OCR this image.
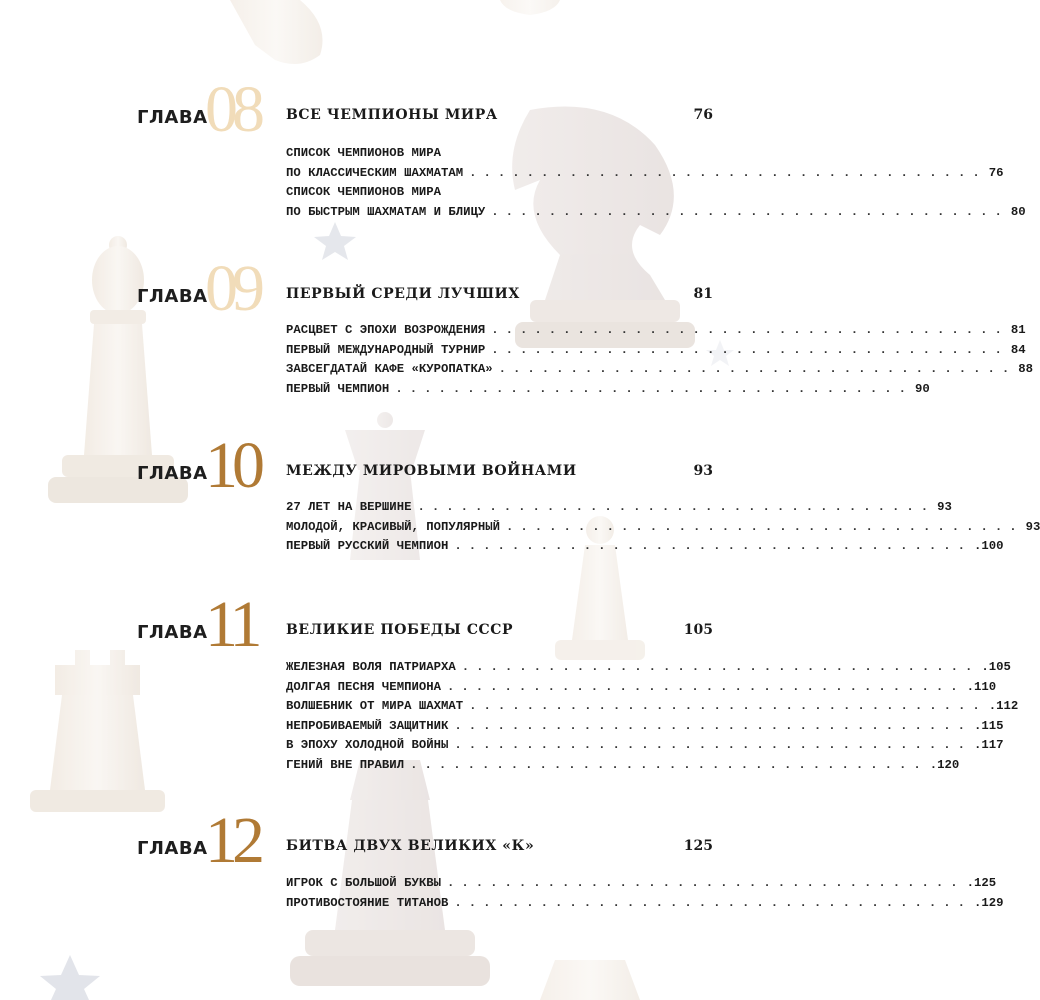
ГЛАВА
08 ВСЕ ЧЕМПИОНЫ МИРА	76
СПИСОК ЧЕМПИОНОВ МИРА
ПО КЛАССИЧЕСКИМ ШАХМАТАМ .................................... 76
СПИСОК ЧЕМПИОНОВ МИРА
ПО БЫСТРЫМ ШАХМАТАМ И БЛИЦУ .................................... 80
ГЛАВА
09 ПЕРВЫЙ СРЕДИ ЛУЧШИХ	81
РАСЦВЕТ С ЭПОХИ ВОЗРОЖДЕНИЯ .................................... 81
ПЕРВЫЙ МЕЖДУНАРОДНЫЙ ТУРНИР .................................... 84
ЗАВСЕГДАТАЙ КАФЕ «КУРОПАТКА» .................................... 88
ПЕРВЫЙ ЧЕМПИОН .................................... 90
ГЛАВА
10 МЕЖДУ МИРОВЫМИ ВОЙНАМИ	93
27 ЛЕТ НА ВЕРШИНЕ .................................... 93
МОЛОДОЙ, КРАСИВЫЙ, ПОПУЛЯРНЫЙ .................................... 93
ПЕРВЫЙ РУССКИЙ ЧЕМПИОН .................................... .100
ГЛАВА
11 ВЕЛИКИЕ ПОБЕДЫ СССР	105
ЖЕЛЕЗНАЯ ВОЛЯ ПАТРИАРХА .................................... .105
ДОЛГАЯ ПЕСНЯ ЧЕМПИОНА .................................... .110
ВОЛШЕБНИК ОТ МИРА ШАХМАТ .................................... .112
НЕПРОБИВАЕМЫЙ ЗАЩИТНИК .................................... .115
В ЭПОХУ ХОЛОДНОЙ ВОЙНЫ .................................... .117
ГЕНИЙ ВНЕ ПРАВИЛ .................................... .120
ГЛАВА
12 БИТВА ДВУХ ВЕЛИКИХ «К»	125
ИГРОК С БОЛЬШОЙ БУКВЫ .................................... .125
ПРОТИВОСТОЯНИЕ ТИТАНОВ .................................... .129
